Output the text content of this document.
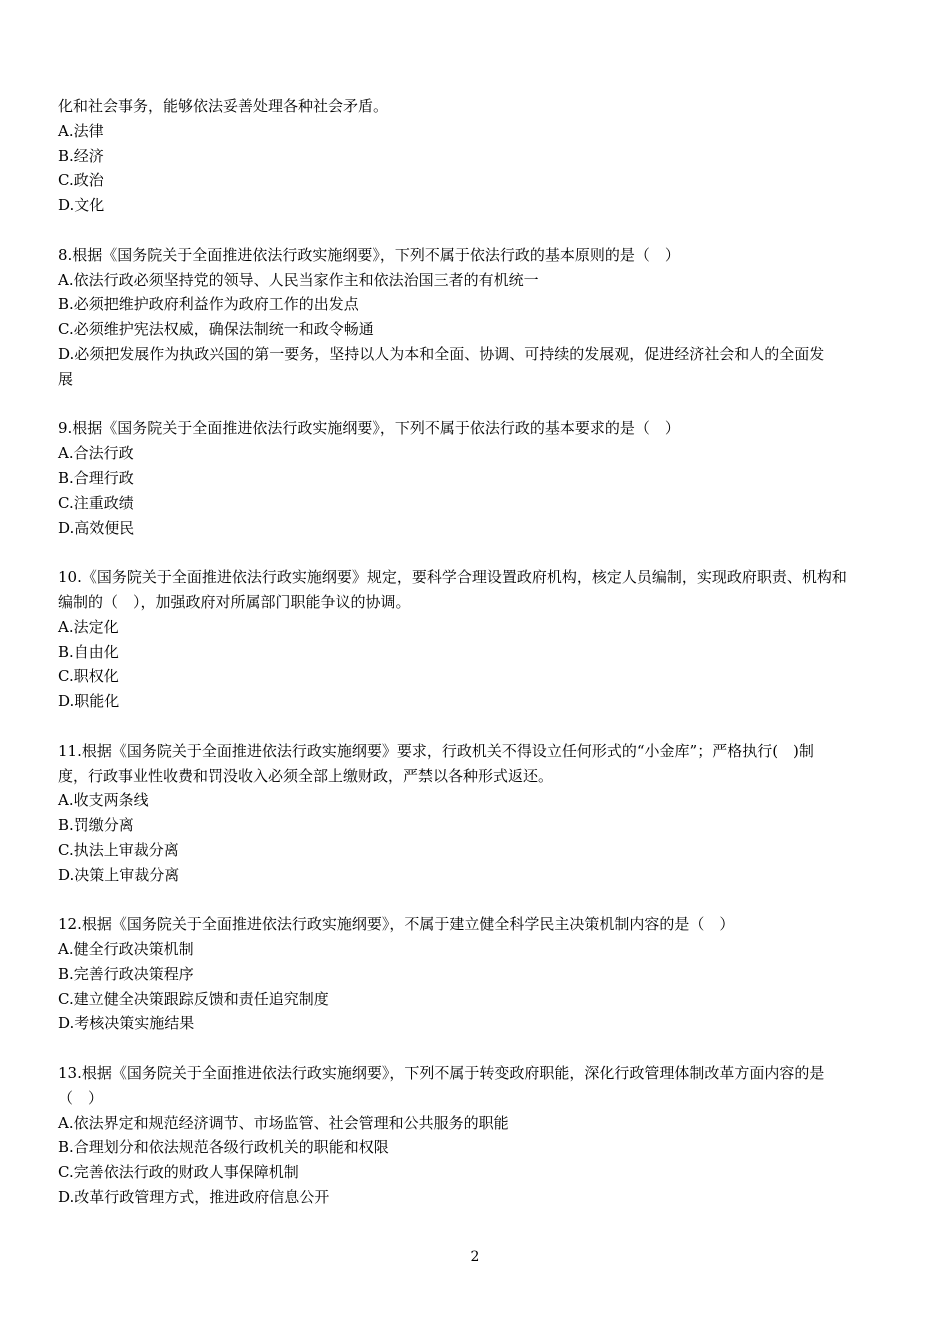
化和社会事务，能够依法妥善处理各种社会矛盾。
A.法律
B.经济
C.政治
D.文化
8.根据《国务院关于全面推进依法行政实施纲要》，下列不属于依法行政的基本原则的是（　）
A.依法行政必须坚持党的领导、人民当家作主和依法治国三者的有机统一
B.必须把维护政府利益作为政府工作的出发点
C.必须维护宪法权威，确保法制统一和政令畅通
D.必须把发展作为执政兴国的第一要务，坚持以人为本和全面、协调、可持续的发展观，促进经济社会和人的全面发
展
9.根据《国务院关于全面推进依法行政实施纲要》，下列不属于依法行政的基本要求的是（　）
A.合法行政
B.合理行政
C.注重政绩
D.高效便民
10.《国务院关于全面推进依法行政实施纲要》规定，要科学合理设置政府机构，核定人员编制，实现政府职责、机构和
编制的（　），加强政府对所属部门职能争议的协调。
A.法定化
B.自由化
C.职权化
D.职能化
11.根据《国务院关于全面推进依法行政实施纲要》要求，行政机关不得设立任何形式的“小金库”；严格执行(　)制
度，行政事业性收费和罚没收入必须全部上缴财政，严禁以各种形式返还。
A.收支两条线
B.罚缴分离
C.执法上审裁分离
D.决策上审裁分离
12.根据《国务院关于全面推进依法行政实施纲要》，不属于建立健全科学民主决策机制内容的是（　）
A.健全行政决策机制
B.完善行政决策程序
C.建立健全决策跟踪反馈和责任追究制度
D.考核决策实施结果
13.根据《国务院关于全面推进依法行政实施纲要》，下列不属于转变政府职能，深化行政管理体制改革方面内容的是
（　）
A.依法界定和规范经济调节、市场监管、社会管理和公共服务的职能
B.合理划分和依法规范各级行政机关的职能和权限
C.完善依法行政的财政人事保障机制
D.改革行政管理方式，推进政府信息公开
2
